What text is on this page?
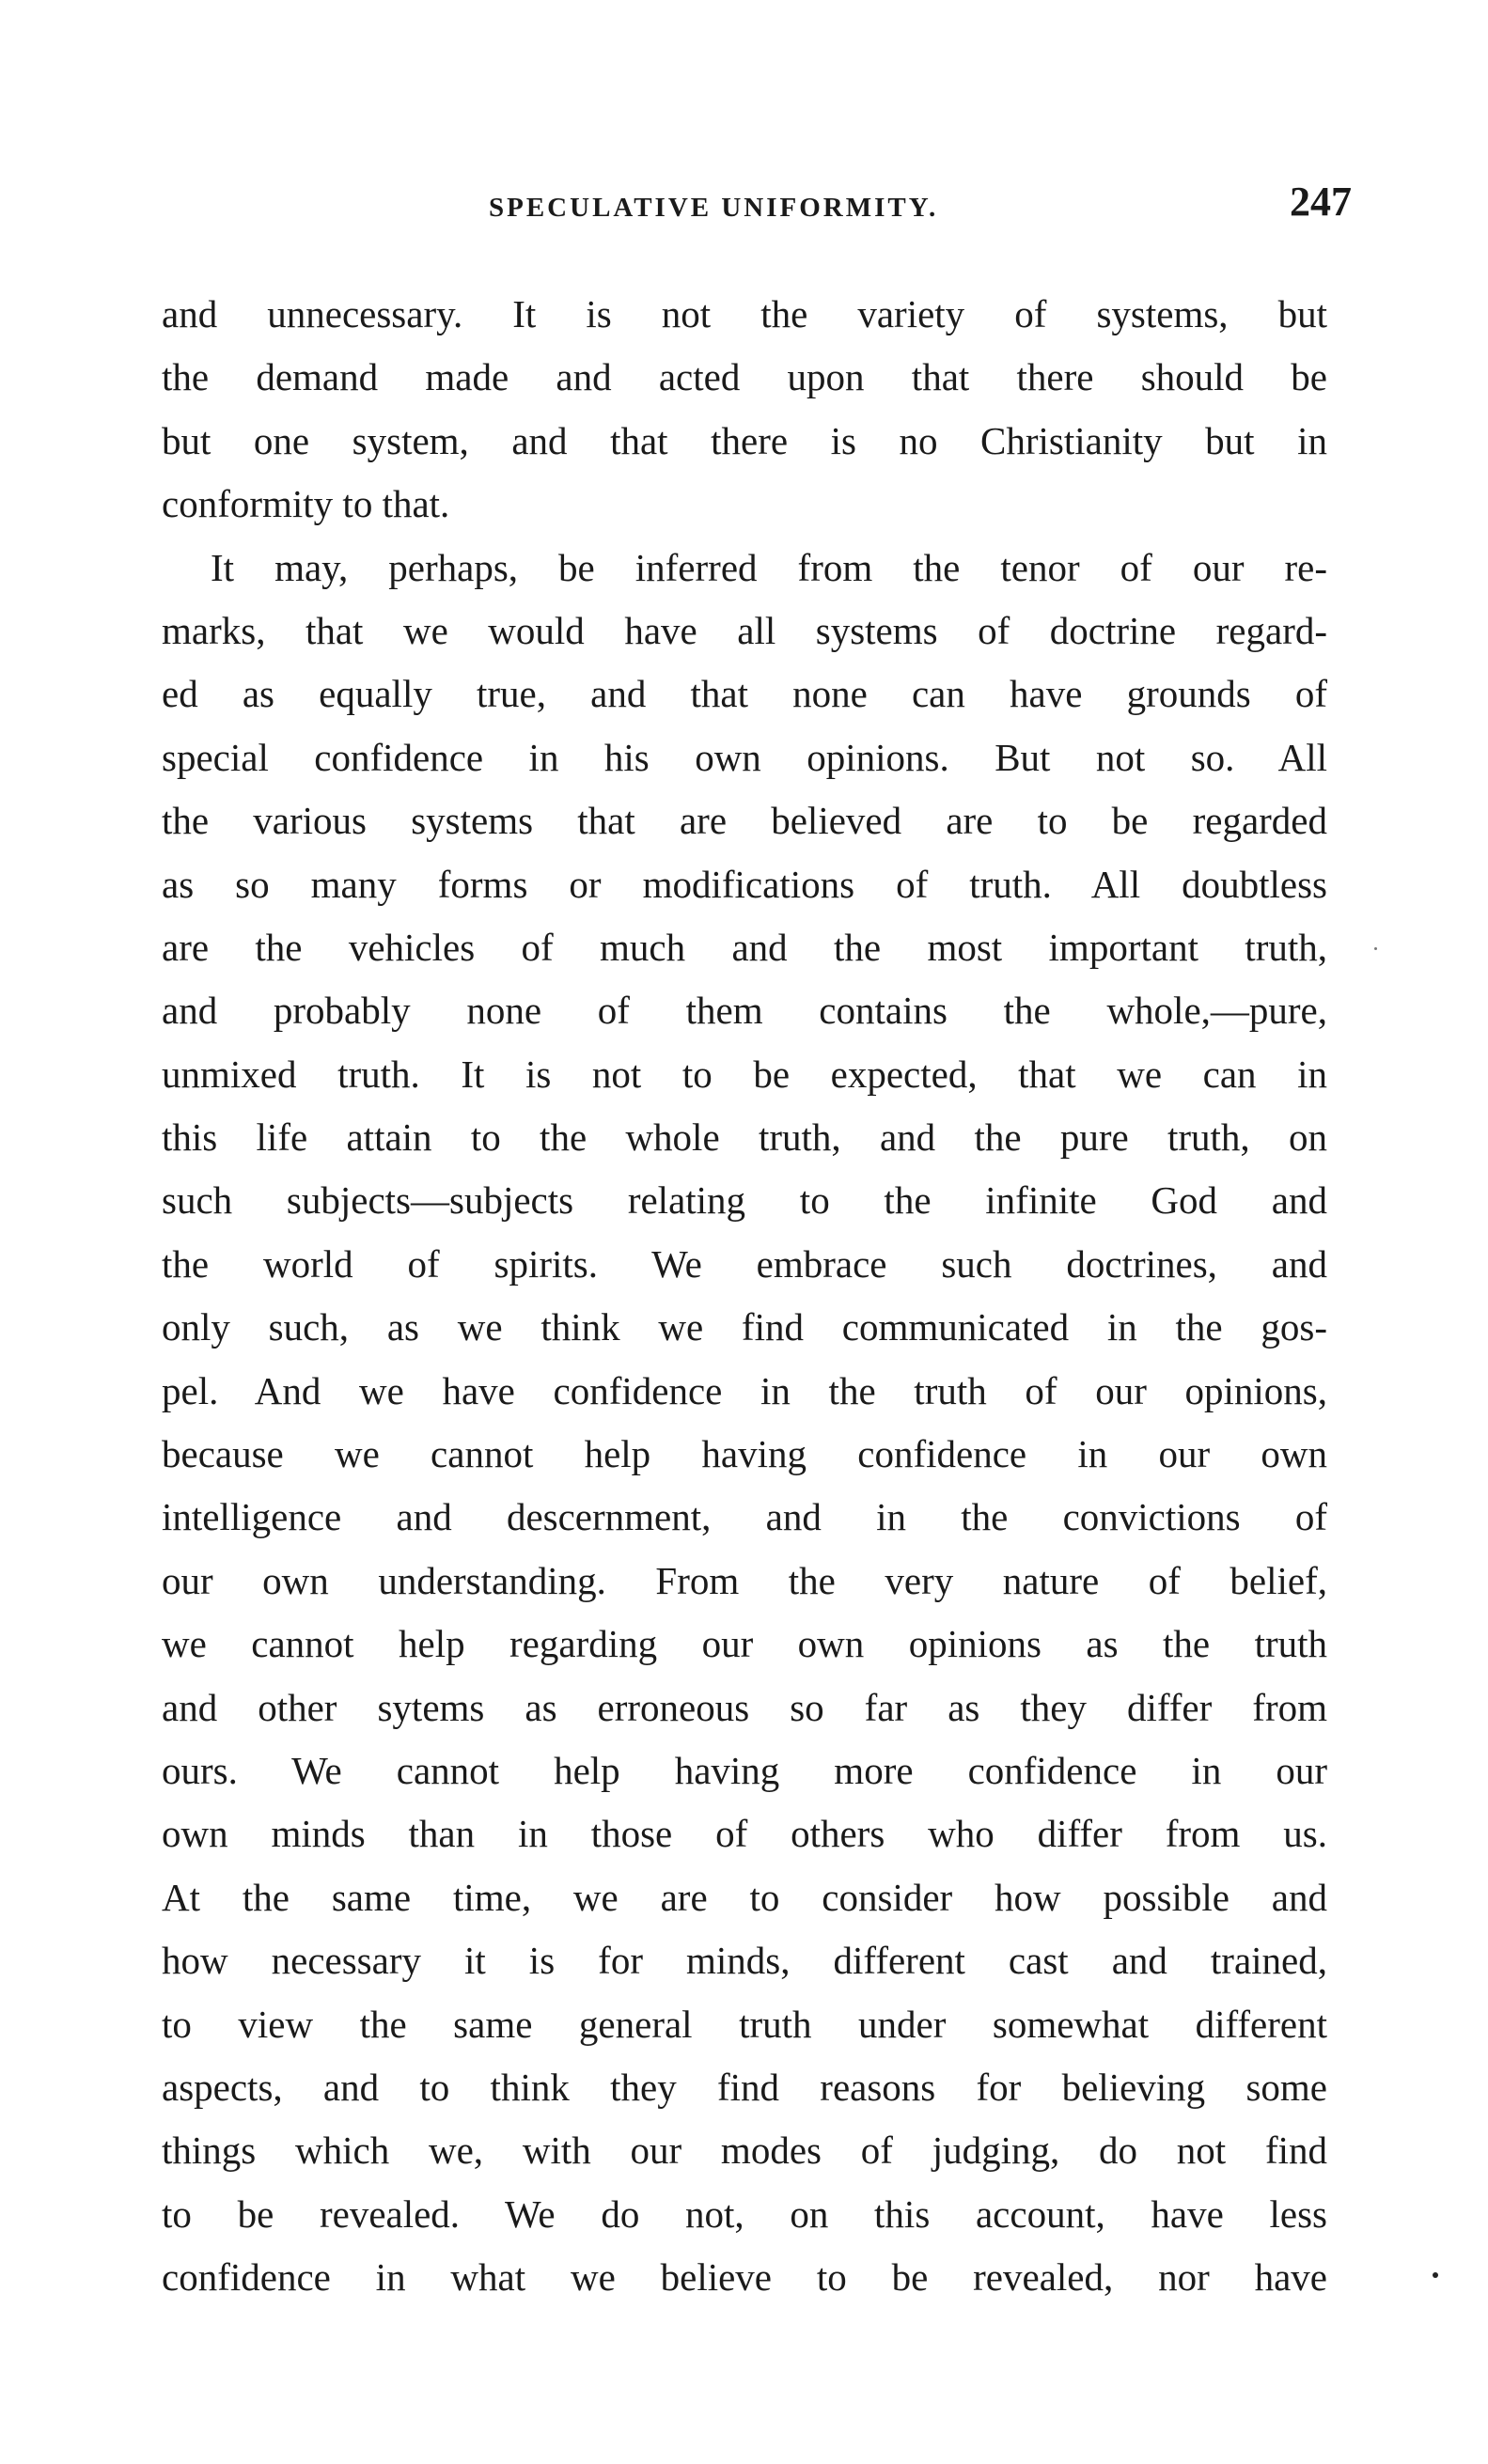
SPECULATIVE UNIFORMITY.	247
and unnecessary. It is not the variety of systems, but
the demand made and acted upon that there should be
but one system, and that there is no Christianity but in
conformity to that.
It may, perhaps, be inferred from the tenor of our re-
marks, that we would have all systems of doctrine regard-
ed as equally true, and that none can have grounds of
special confidence in his own opinions. But not so. All
the various systems that are believed are to be regarded
as so many forms or modifications of truth. All doubtless
are the vehicles of much and the most important truth,
and probably none of them contains the whole,—pure,
unmixed truth. It is not to be expected, that we can in
this life attain to the whole truth, and the pure truth, on
such subjects—subjects relating to the infinite God and
the world of spirits. We embrace such doctrines, and
only such, as we think we find communicated in the gos-
pel. And we have confidence in the truth of our opinions,
because we cannot help having confidence in our own
intelligence and descernment, and in the convictions of
our own understanding. From the very nature of belief,
we cannot help regarding our own opinions as the truth
and other sytems as erroneous so far as they differ from
ours. We cannot help having more confidence in our
own minds than in those of others who differ from us.
At the same time, we are to consider how possible and
how necessary it is for minds, different cast and trained,
to view the same general truth under somewhat different
aspects, and to think they find reasons for believing some
things which we, with our modes of judging, do not find
to be revealed. We do not, on this account, have less
confidence in what we believe to be revealed, nor have
